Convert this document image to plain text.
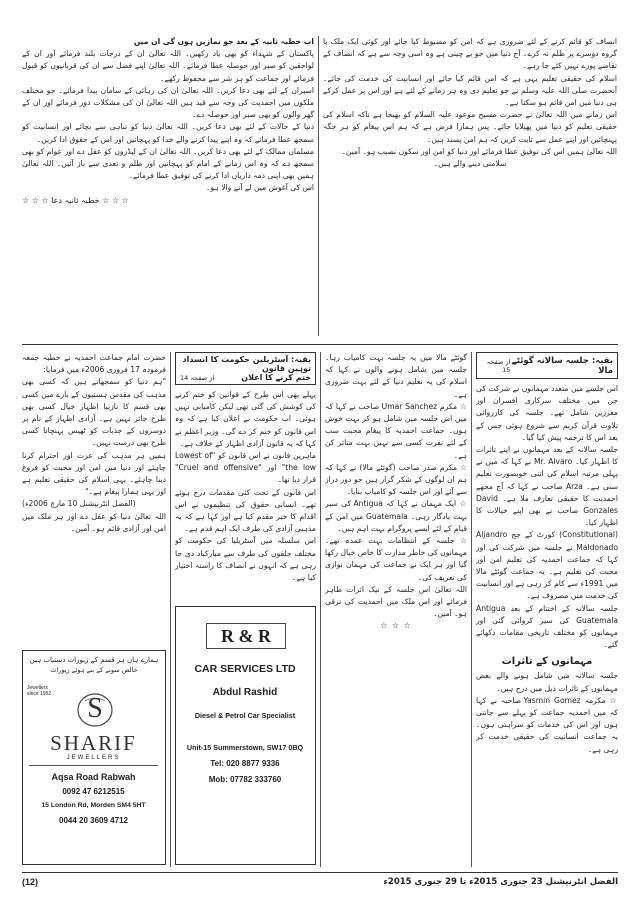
انصاف کو قائم کرنے کے لئے ضروری ہے کہ امن کو مضبوط کیا جائے اور کوئی ایک ملک یا گروہ دوسرے پر ظلم نہ کرے۔ آج دنیا میں جو بے چینی ہے وہ اسی وجہ سے ہے کہ انصاف کے تقاضے پورے نہیں کئے جا رہے۔

اسلام کی حقیقی تعلیم یہی ہے کہ امن قائم کیا جائے اور انسانیت کی خدمت کی جائے۔ آنحضرت صلی اللہ علیہ وسلم نے جو تعلیم دی وہ ہر زمانے کے لئے ہے اور اس پر عمل کرکے ہی دنیا میں امن قائم ہو سکتا ہے۔

اس زمانے میں اللہ تعالیٰ نے حضرت مسیح موعود علیہ السلام کو بھیجا ہے تاکہ اسلام کی حقیقی تعلیم کو دنیا میں پھیلایا جائے۔ پس ہمارا فرض ہے کہ ہم اس پیغام کو ہر جگہ پہنچائیں اور اپنے عمل سے ثابت کریں کہ ہم امن پسند ہیں۔

اللہ تعالیٰ ہمیں اس کی توفیق عطا فرمائے اور دنیا کو امن اور سکون نصیب ہو۔ آمین۔

سلامتی دینے والے ہیں۔

اب خطبہ ثانیہ کے بعد جو نمازیں ہوں گی ان میں

پاکستان کے شہداء کو بھی یاد رکھیں۔ اللہ تعالیٰ ان کے درجات بلند فرمائے اور ان کے لواحقین کو صبر اور حوصلہ عطا فرمائے۔ اللہ تعالیٰ اپنے فضل سے ان کی قربانیوں کو قبول فرمائے اور جماعت کو ہر شر سے محفوظ رکھے۔

اسیران کے لئے بھی دعا کریں۔ اللہ تعالیٰ ان کی رہائی کے سامان پیدا فرمائے۔ جو مختلف ملکوں میں احمدیت کی وجہ سے قید ہیں اللہ تعالیٰ ان کی مشکلات دور فرمائے اور ان کے گھر والوں کو بھی صبر اور حوصلہ دے۔

دنیا کے حالات کے لئے بھی دعا کریں۔ اللہ تعالیٰ دنیا کو تباہی سے بچائے اور انسانیت کو سمجھ عطا فرمائے کہ وہ اپنے پیدا کرنے والے خدا کو پہچانیں اور اس کے حقوق ادا کریں۔

مسلمان ممالک کے لئے بھی دعا کریں۔ اللہ تعالیٰ ان کے لیڈروں کو عقل دے اور عوام کو بھی سمجھ دے کہ وہ اس زمانے کے امام کو پہچانیں اور ظلم و تعدی سے باز آئیں۔ اللہ تعالیٰ ہمیں بھی اپنی ذمہ داریاں ادا کرنے کی توفیق عطا فرمائے۔

اس کی آغوش میں لے آنے والا ہو۔

☆ ☆ ☆ خطبہ ثانیہ دعا ☆ ☆ ☆

بقیہ: جلسہ سالانہ گوئٹے مالا
از صفحہ 15

اس جلسے میں متعدد مہمانوں نے شرکت کی جن میں مختلف سرکاری افسران اور معززین شامل تھے۔ جلسہ کی کارروائی تلاوت قرآن کریم سے شروع ہوئی جس کے بعد اس کا ترجمہ پیش کیا گیا۔

جلسہ سالانہ کے بعد مہمانوں نے اپنے تاثرات کا اظہار کیا۔ Mr. Alvaro نے کہا کہ میں نے پہلی مرتبہ اسلام کی اتنی خوبصورت تعلیم سنی ہے۔ Arza صاحب نے کہا کہ آج مجھے احمدیت کا حقیقی تعارف ملا ہے۔ David Gonzales صاحب نے بھی اپنے خیالات کا اظہار کیا۔

(Constitutional) کورٹ کے جج Aljandro Maldonado نے جلسہ میں شرکت کی اور کہا کہ جماعت احمدیہ کی تعلیم امن اور محبت کی تعلیم ہے۔ یہ جماعت گوئٹے مالا میں 1991ء سے کام کر رہی ہے اور انسانیت کی خدمت میں مصروف ہے۔

جلسہ سالانہ کے اختتام کے بعد Antigua Guatemala کی سیر کروائی گئی اور مہمانوں کو مختلف تاریخی مقامات دکھائے گئے۔

مہمانوں کے تاثرات

جلسہ سالانہ میں شامل ہونے والے بعض مہمانوں کے تاثرات ذیل میں درج ہیں۔

☆ مکرمہ Yasmin Gomez صاحبہ نے کہا کہ میں احمدیہ جماعت کو پہلے سے جانتی ہوں اور اس کی خدمات کو سراہتی ہوں۔ یہ جماعت انسانیت کی حقیقی خدمت کر رہی ہے۔

گوئٹے مالا میں یہ جلسہ بہت کامیاب رہا۔ جلسہ میں شامل ہونے والوں نے کہا کہ اسلام کی یہ تعلیم دنیا کے لئے بہت ضروری ہے۔

☆ مکرم Umar Sanchez صاحب نے کہا کہ میں اس جلسہ میں شامل ہو کر بہت خوش ہوں۔ جماعت احمدیہ کا پیغام محبت سب کے لئے نفرت کسی سے نہیں بہت متاثر کن ہے۔

☆ مکرم صدر صاحب (گوئٹے مالا) نے کہا کہ ہم ان لوگوں کے شکر گزار ہیں جو دور دراز سے آئے اور اس جلسہ کو کامیاب بنایا۔

☆ ایک مہمان نے کہا کہ Antigua کی سیر بہت یادگار رہی۔ Guatemala میں امن کے قیام کے لئے ایسے پروگرام بہت اہم ہیں۔

☆ جلسہ کے انتظامات بہت عمدہ تھے۔ مہمانوں کی خاطر مدارت کا خاص خیال رکھا گیا اور ہر ایک نے جماعت کی مہمان نوازی کی تعریف کی۔

اللہ تعالیٰ اس جلسہ کے نیک اثرات ظاہر فرمائے اور اس ملک میں احمدیت کی ترقی ہو۔ آمین۔

☆ ☆ ☆

بقیہ: آسٹریلین حکومت کا انسداد توہین قانون
ختم کرنے کا اعلان
از صفحہ 14

پہلے بھی اس طرح کے قوانین کو ختم کرنے کی کوشش کی گئی تھی لیکن کامیابی نہیں ہوئی۔ اب حکومت نے اعلان کیا ہے کہ وہ اس قانون کو ختم کر دے گی۔ وزیر اعظم نے کہا کہ یہ قانون آزادی اظہار کے خلاف ہے۔

ماہرین قانون نے اس قانون کو "Lowest of the low" اور "Cruel and offensive" قرار دیا تھا۔

اس قانون کے تحت کئی مقدمات درج ہوئے تھے۔ انسانی حقوق کی تنظیموں نے اس اقدام کا خیر مقدم کیا ہے اور کہا ہے کہ یہ مذہبی آزادی کی طرف ایک اہم قدم ہے۔

اس سلسلہ میں آسٹریلیا کی حکومت کو مختلف حلقوں کی طرف سے مبارکباد دی جا رہی ہے کہ انہوں نے انصاف کا راستہ اختیار کیا ہے۔

حضرت امام جماعت احمدیہ نے خطبہ جمعہ فرمودہ 17 فروری 2006ء میں فرمایا:

"ہم دنیا کو سمجھاتے ہیں کہ کسی بھی مذہب کی مقدس ہستیوں کے بارے میں کسی بھی قسم کا نازیبا اظہار خیال کسی بھی طرح جائز نہیں ہے۔ آزادی اظہار کے نام پر دوسروں کے جذبات کو ٹھیس پہنچانا کسی طرح بھی درست نہیں۔

ہمیں ہر مذہب کی عزت اور احترام کرنا چاہئے اور دنیا میں امن اور محبت کو فروغ دینا چاہئے۔ یہی اسلام کی حقیقی تعلیم ہے اور یہی ہمارا پیغام ہے۔"

(الفضل انٹرنیشنل 10 مارچ 2006ء)

اللہ تعالیٰ دنیا کو عقل دے اور ہر ملک میں امن اور آزادی قائم ہو۔ آمین۔

ہمارے ہاں ہر قسم کے زیورات دستیاب ہیں
خالص سونے کے بنے ہوئے زیورات
Jewellers since 1952	S
SHARIF
JEWELLERS
Aqsa Road Rabwah
0092 47 6212515
15 London Rd, Morden SM4 5HT
0044 20 3609 4712
R & R
CAR SERVICES LTD
Abdul Rashid
Diesel & Petrol Car Specialist
Unit-15 Summerstown, SW17 0BQ
Tel: 020 8877 9336
Mob: 07782 333760
(12)	الفضل انٹرنیشنل 23 جنوری 2015ء تا 29 جنوری 2015ء
